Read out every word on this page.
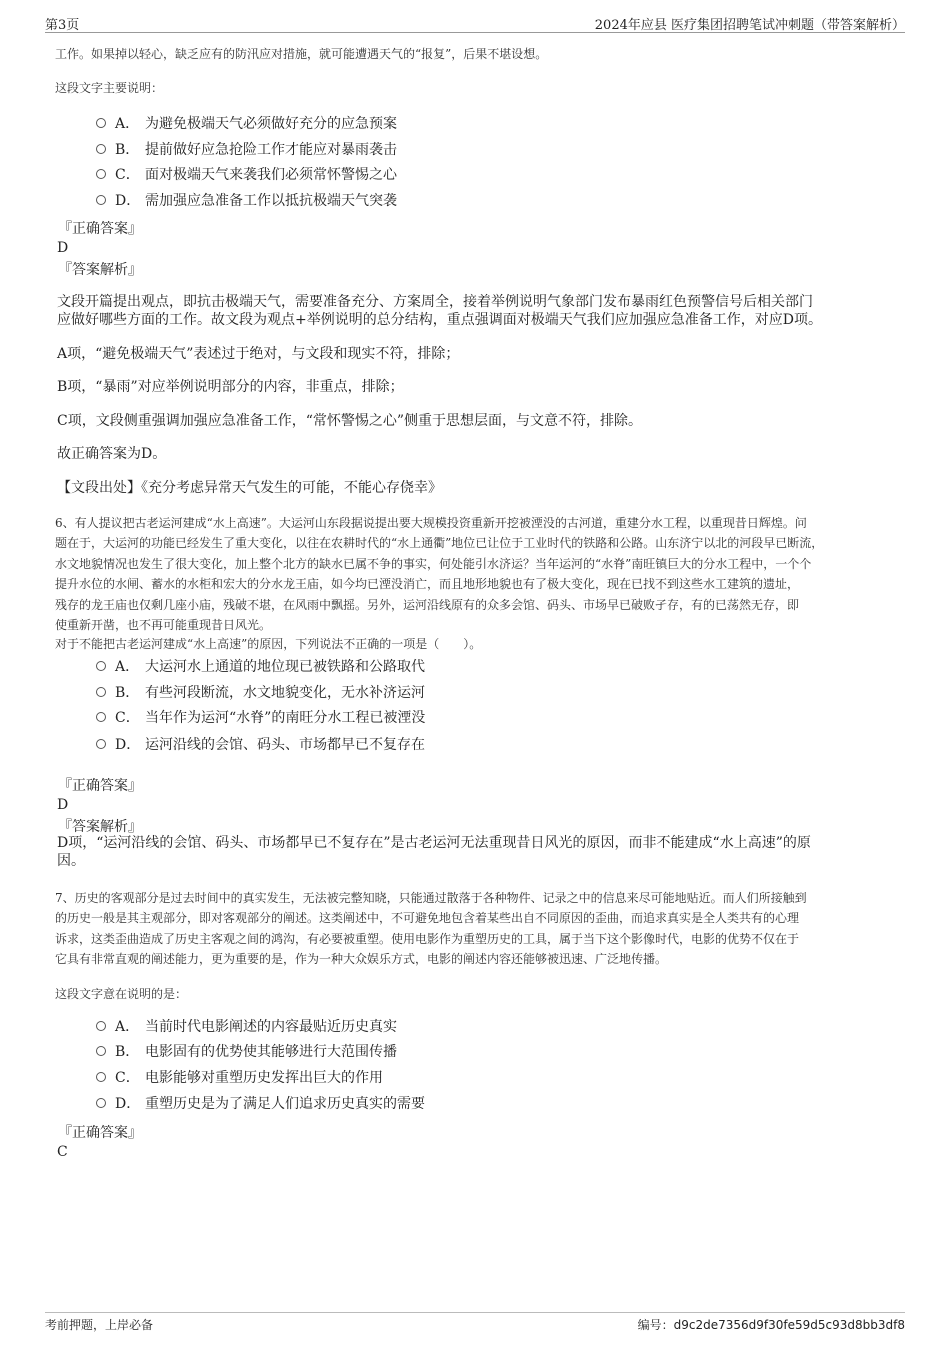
第3页	2024年应县 医疗集团招聘笔试冲刺题（带答案解析）
工作。如果掉以轻心，缺乏应有的防汛应对措施，就可能遭遇天气的“报复”，后果不堪设想。
这段文字主要说明：
A． 为避免极端天气必须做好充分的应急预案
B． 提前做好应急抢险工作才能应对暴雨袭击
C． 面对极端天气来袭我们必须常怀警惕之心
D． 需加强应急准备工作以抵抗极端天气突袭
『正确答案』
D
『答案解析』
文段开篇提出观点，即抗击极端天气，需要准备充分、方案周全，接着举例说明气象部门发布暴雨红色预警信号后相关部门
应做好哪些方面的工作。故文段为观点+举例说明的总分结构，重点强调面对极端天气我们应加强应急准备工作，对应D项。
A项，“避免极端天气”表述过于绝对，与文段和现实不符，排除；
B项，“暴雨”对应举例说明部分的内容，非重点，排除；
C项，文段侧重强调加强应急准备工作，“常怀警惕之心”侧重于思想层面，与文意不符，排除。
故正确答案为D。
【文段出处】《充分考虑异常天气发生的可能，不能心存侥幸》
6、有人提议把古老运河建成“水上高速”。大运河山东段据说提出要大规模投资重新开挖被湮没的古河道，重建分水工程，以重现昔日辉煌。问
题在于，大运河的功能已经发生了重大变化，以往在农耕时代的“水上通衢”地位已让位于工业时代的铁路和公路。山东济宁以北的河段早已断流，
水文地貌情况也发生了很大变化，加上整个北方的缺水已属不争的事实，何处能引水济运？当年运河的“水脊”南旺镇巨大的分水工程中，一个个
提升水位的水闸、蓄水的水柜和宏大的分水龙王庙，如今均已湮没消亡，而且地形地貌也有了极大变化，现在已找不到这些水工建筑的遗址，
残存的龙王庙也仅剩几座小庙，残破不堪，在风雨中飘摇。另外，运河沿线原有的众多会馆、码头、市场早已破败孑存，有的已荡然无存，即
使重新开凿，也不再可能重现昔日风光。
对于不能把古老运河建成“水上高速”的原因，下列说法不正确的一项是（　　）。
A． 大运河水上通道的地位现已被铁路和公路取代
B． 有些河段断流，水文地貌变化，无水补济运河
C． 当年作为运河“水脊”的南旺分水工程已被湮没
D． 运河沿线的会馆、码头、市场都早已不复存在
『正确答案』
D
『答案解析』
D项，“运河沿线的会馆、码头、市场都早已不复存在”是古老运河无法重现昔日风光的原因，而非不能建成“水上高速”的原
因。
7、历史的客观部分是过去时间中的真实发生，无法被完整知晓，只能通过散落于各种物件、记录之中的信息来尽可能地贴近。而人们所接触到
的历史一般是其主观部分，即对客观部分的阐述。这类阐述中，不可避免地包含着某些出自不同原因的歪曲，而追求真实是全人类共有的心理
诉求，这类歪曲造成了历史主客观之间的鸿沟，有必要被重塑。使用电影作为重塑历史的工具，属于当下这个影像时代，电影的优势不仅在于
它具有非常直观的阐述能力，更为重要的是，作为一种大众娱乐方式，电影的阐述内容还能够被迅速、广泛地传播。
这段文字意在说明的是：
A． 当前时代电影阐述的内容最贴近历史真实
B． 电影固有的优势使其能够进行大范围传播
C． 电影能够对重塑历史发挥出巨大的作用
D． 重塑历史是为了满足人们追求历史真实的需要
『正确答案』
C
考前押题，上岸必备	编号：d9c2de7356d9f30fe59d5c93d8bb3df8
